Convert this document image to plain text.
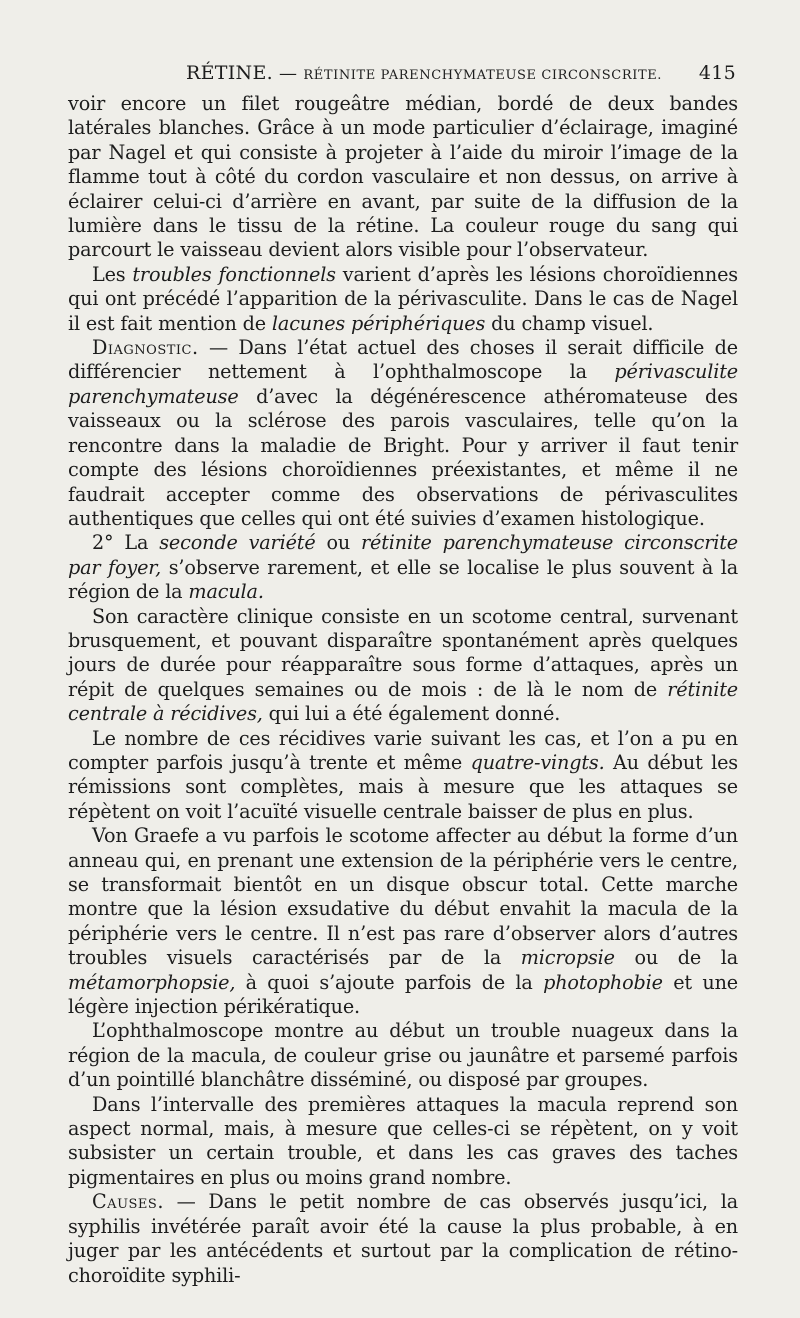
RÉTINE. — RÉTINITE PARENCHYMATEUSE CIRCONSCRITE. 415

voir encore un filet rougeâtre médian, bordé de deux bandes latérales blanches. Grâce à un mode particulier d’éclairage, imaginé par Nagel et qui consiste à projeter à l’aide du miroir l’image de la flamme tout à côté du cordon vasculaire et non dessus, on arrive à éclairer celui-ci d’arrière en avant, par suite de la diffusion de la lumière dans le tissu de la rétine. La couleur rouge du sang qui parcourt le vaisseau devient alors visible pour l’observateur.

Les troubles fonctionnels varient d’après les lésions choroïdiennes qui ont précédé l’apparition de la périvasculite. Dans le cas de Nagel il est fait mention de lacunes périphériques du champ visuel.

Diagnostic. — Dans l’état actuel des choses il serait difficile de différencier nettement à l’ophthalmoscope la périvasculite parenchymateuse d’avec la dégénérescence athéromateuse des vaisseaux ou la sclérose des parois vasculaires, telle qu’on la rencontre dans la maladie de Bright. Pour y arriver il faut tenir compte des lésions choroïdiennes préexistantes, et même il ne faudrait accepter comme des observations de périvasculites authentiques que celles qui ont été suivies d’examen histologique.

2° La seconde variété ou rétinite parenchymateuse circonscrite par foyer, s’observe rarement, et elle se localise le plus souvent à la région de la macula.

Son caractère clinique consiste en un scotome central, survenant brusquement, et pouvant disparaître spontanément après quelques jours de durée pour réapparaître sous forme d’attaques, après un répit de quelques semaines ou de mois : de là le nom de rétinite centrale à récidives, qui lui a été également donné.

Le nombre de ces récidives varie suivant les cas, et l’on a pu en compter parfois jusqu’à trente et même quatre-vingts. Au début les rémissions sont complètes, mais à mesure que les attaques se répètent on voit l’acuïté visuelle centrale baisser de plus en plus.

Von Graefe a vu parfois le scotome affecter au début la forme d’un anneau qui, en prenant une extension de la périphérie vers le centre, se transformait bientôt en un disque obscur total. Cette marche montre que la lésion exsudative du début envahit la macula de la périphérie vers le centre. Il n’est pas rare d’observer alors d’autres troubles visuels caractérisés par de la micropsie ou de la métamorphopsie, à quoi s’ajoute parfois de la photophobie et une légère injection périkératique.

L’ophthalmoscope montre au début un trouble nuageux dans la région de la macula, de couleur grise ou jaunâtre et parsemé parfois d’un pointillé blanchâtre disséminé, ou disposé par groupes.

Dans l’intervalle des premières attaques la macula reprend son aspect normal, mais, à mesure que celles-ci se répètent, on y voit subsister un certain trouble, et dans les cas graves des taches pigmentaires en plus ou moins grand nombre.

Causes. — Dans le petit nombre de cas observés jusqu’ici, la syphilis invétérée paraît avoir été la cause la plus probable, à en juger par les antécédents et surtout par la complication de rétino-choroïdite syphili-
